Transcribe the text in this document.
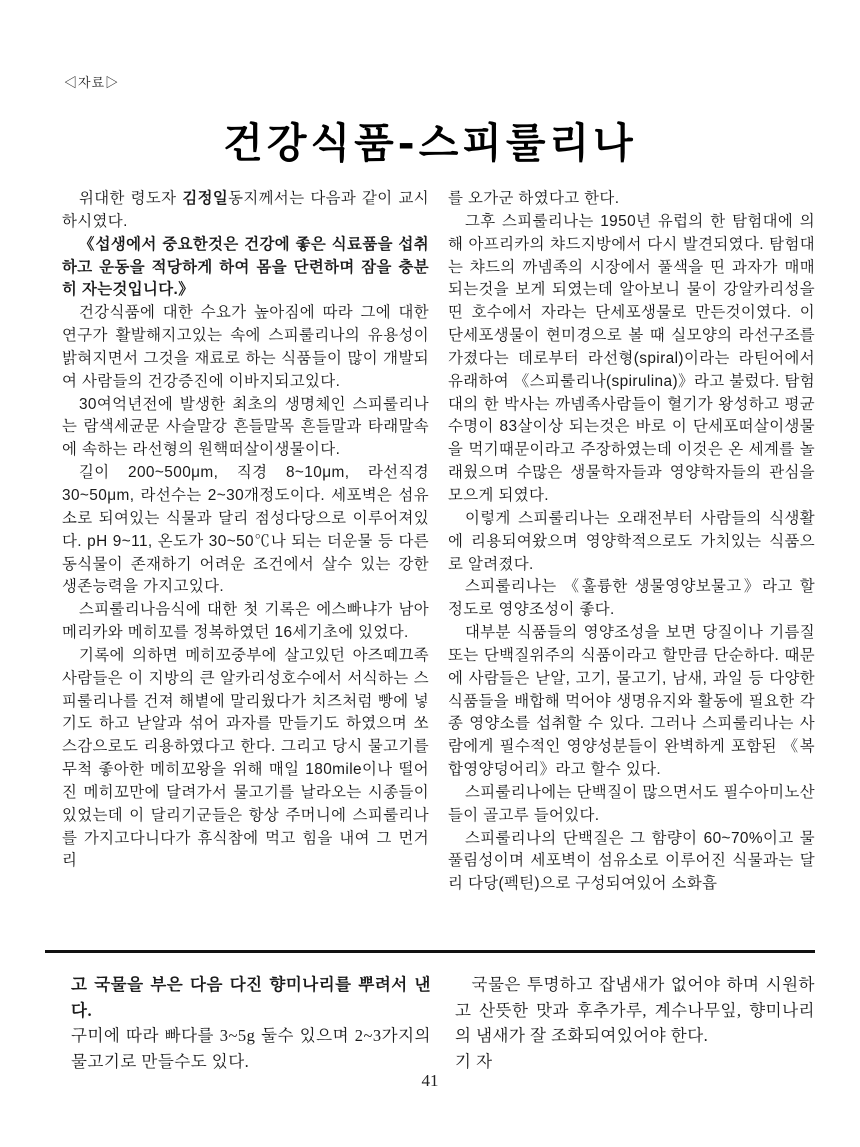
◁자료▷
건강식품-스피룰리나

위대한 령도자 김정일동지께서는 다음과 같이 교시하시였다.

《섭생에서 중요한것은 건강에 좋은 식료품을 섭취하고 운동을 적당하게 하여 몸을 단련하며 잠을 충분히 자는것입니다.》

건강식품에 대한 수요가 높아짐에 따라 그에 대한 연구가 활발해지고있는 속에 스피룰리나의 유용성이 밝혀지면서 그것을 재료로 하는 식품들이 많이 개발되여 사람들의 건강증진에 이바지되고있다.

30여억년전에 발생한 최초의 생명체인 스피룰리나는 람색세균문 사슬말강 흔들말목 흔들말과 타래말속에 속하는 라선형의 원핵떠살이생물이다.

길이 200~500μm, 직경 8~10μm, 라선직경 30~50μm, 라선수는 2~30개정도이다. 세포벽은 섬유소로 되여있는 식물과 달리 점성다당으로 이루어져있다. pH 9~11, 온도가 30~50℃나 되는 더운물 등 다른 동식물이 존재하기 어려운 조건에서 살수 있는 강한 생존능력을 가지고있다.

스피룰리나음식에 대한 첫 기록은 에스빠냐가 남아메리카와 메히꼬를 정복하였던 16세기초에 있었다.

기록에 의하면 메히꼬중부에 살고있던 아즈떼끄족사람들은 이 지방의 큰 알카리성호수에서 서식하는 스피룰리나를 건져 해볕에 말리웠다가 치즈처럼 빵에 넣기도 하고 낟알과 섞어 과자를 만들기도 하였으며 쏘스감으로도 리용하였다고 한다. 그리고 당시 물고기를 무척 좋아한 메히꼬왕을 위해 매일 180mile이나 떨어진 메히꼬만에 달려가서 물고기를 날라오는 시종들이 있었는데 이 달리기군들은 항상 주머니에 스피룰리나를 가지고다니다가 휴식참에 먹고 힘을 내여 그 먼거리

를 오가군 하였다고 한다.

그후 스피룰리나는 1950년 유럽의 한 탐험대에 의해 아프리카의 챠드지방에서 다시 발견되였다. 탐험대는 챠드의 까넴족의 시장에서 풀색을 띤 과자가 매매되는것을 보게 되였는데 알아보니 물이 강알카리성을 띤 호수에서 자라는 단세포생물로 만든것이였다. 이 단세포생물이 현미경으로 볼 때 실모양의 라선구조를 가졌다는 데로부터 라선형(spiral)이라는 라틴어에서 유래하여 《스피룰리나(spirulina)》라고 불렀다. 탐험대의 한 박사는 까넴족사람들이 혈기가 왕성하고 평균수명이 83살이상 되는것은 바로 이 단세포떠살이생물을 먹기때문이라고 주장하였는데 이것은 온 세계를 놀래웠으며 수많은 생물학자들과 영양학자들의 관심을 모으게 되였다.

이렇게 스피룰리나는 오래전부터 사람들의 식생활에 리용되여왔으며 영양학적으로도 가치있는 식품으로 알려졌다.

스피룰리나는 《훌륭한 생물영양보물고》라고 할 정도로 영양조성이 좋다.

대부분 식품들의 영양조성을 보면 당질이나 기름질 또는 단백질위주의 식품이라고 할만큼 단순하다. 때문에 사람들은 낟알, 고기, 물고기, 남새, 과일 등 다양한 식품들을 배합해 먹어야 생명유지와 활동에 필요한 각종 영양소를 섭취할 수 있다. 그러나 스피룰리나는 사람에게 필수적인 영양성분들이 완벽하게 포함된 《복합영양덩어리》라고 할수 있다.

스피룰리나에는 단백질이 많으면서도 필수아미노산들이 골고루 들어있다.

스피룰리나의 단백질은 그 함량이 60~70%이고 물풀림성이며 세포벽이 섬유소로 이루어진 식물과는 달리 다당(펙틴)으로 구성되여있어 소화흡

고 국물을 부은 다음 다진 향미나리를 뿌려서 낸다.

구미에 따라 빠다를 3~5g 둘수 있으며 2~3가지의 물고기로 만들수도 있다.

국물은 투명하고 잡냄새가 없어야 하며 시원하고 산뜻한 맛과 후추가루, 계수나무잎, 향미나리의 냄새가 잘 조화되여있어야 한다.

기 자

41
